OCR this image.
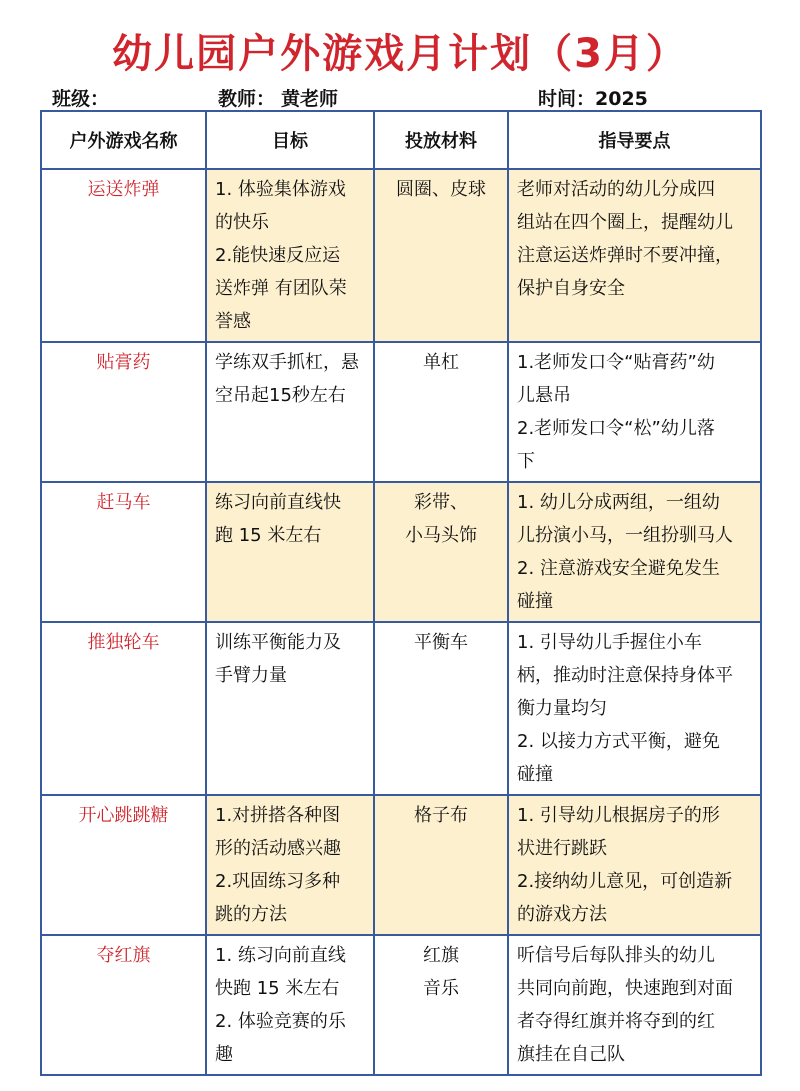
幼儿园户外游戏月计划（3月）
班级：	教师： 黄老师	时间：2025
户外游戏名称	目标	投放材料	指导要点
运送炸弹	1. 体验集体游戏
的快乐
2.能快速反应运
送炸弹 有团队荣
誉感	圆圈、皮球	老师对活动的幼儿分成四
组站在四个圈上，提醒幼儿
注意运送炸弹时不要冲撞，
保护自身安全

贴膏药	学练双手抓杠，悬
空吊起15秒左右	单杠	1.老师发口令“贴膏药”幼
儿悬吊
2.老师发口令“松”幼儿落
下

赶马车	练习向前直线快
跑 15 米左右	彩带、
小马头饰	1. 幼儿分成两组，一组幼
儿扮演小马，一组扮驯马人
2. 注意游戏安全避免发生
碰撞

推独轮车	训练平衡能力及
手臂力量	平衡车	1. 引导幼儿手握住小车
柄，推动时注意保持身体平
衡力量均匀
2. 以接力方式平衡，避免
碰撞

开心跳跳糖	1.对拼搭各种图
形的活动感兴趣
2.巩固练习多种
跳的方法	格子布	1. 引导幼儿根据房子的形
状进行跳跃
2.接纳幼儿意见，可创造新
的游戏方法

夺红旗	1. 练习向前直线
快跑 15 米左右
2. 体验竞赛的乐
趣	红旗
音乐	听信号后每队排头的幼儿
共同向前跑，快速跑到对面
者夺得红旗并将夺到的红
旗挂在自己队
